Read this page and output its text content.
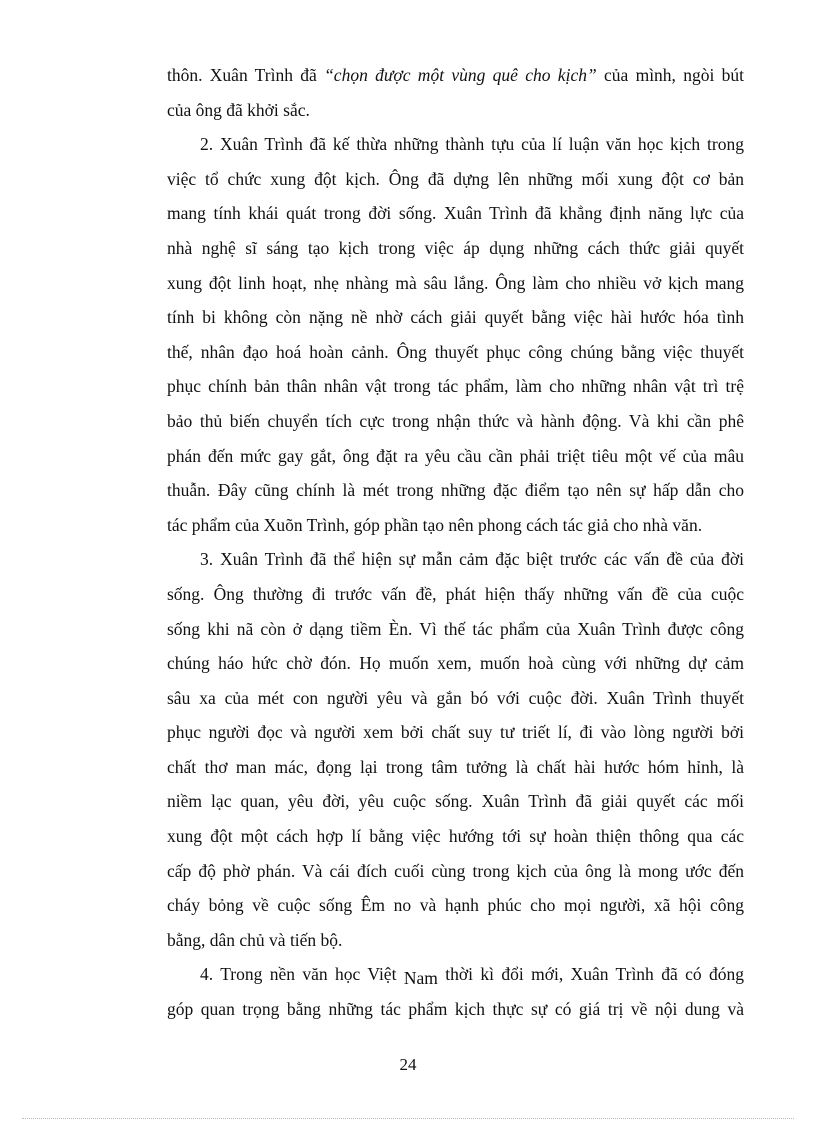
thôn. Xuân Trình đã “chọn được một vùng quê cho kịch” của mình, ngòi bút
của ông đã khởi sắc.
2. Xuân Trình đã kế thừa những thành tựu của lí luận văn học kịch trong
việc tổ chức xung đột kịch. Ông đã dựng lên những mối xung đột cơ bản
mang tính khái quát trong đời sống. Xuân Trình đã khẳng định năng lực của
nhà nghệ sĩ sáng tạo kịch trong việc áp dụng những cách thức giải quyết
xung đột linh hoạt, nhẹ nhàng mà sâu lắng. Ông làm cho nhiều vở kịch mang
tính bi không còn nặng nề nhờ cách giải quyết bằng việc hài hước hóa tình
thế, nhân đạo hoá hoàn cảnh. Ông thuyết phục công chúng bằng việc thuyết
phục chính bản thân nhân vật trong tác phẩm, làm cho những nhân vật trì trệ
bảo thủ biến chuyển tích cực trong nhận thức và hành động. Và khi cần phê
phán đến mức gay gắt, ông đặt ra yêu cầu cần phải triệt tiêu một vế của mâu
thuẫn. Đây cũng chính là mét trong những đặc điểm tạo nên sự hấp dẫn cho
tác phẩm của Xuõn Trình, góp phần tạo nên phong cách tác giả cho nhà văn.
3. Xuân Trình đã thể hiện sự mẫn cảm đặc biệt trước các vấn đề của đời
sống. Ông thường đi trước vấn đề, phát hiện thấy những vấn đề của cuộc
sống khi nã còn ở dạng tiềm Èn. Vì thế tác phẩm của Xuân Trình được công
chúng háo hức chờ đón. Họ muốn xem, muốn hoà cùng với những dự cảm
sâu xa của mét con người yêu và gắn bó với cuộc đời. Xuân Trình thuyết
phục người đọc và người xem bởi chất suy tư triết lí, đi vào lòng người bởi
chất thơ man mác, đọng lại trong tâm tưởng là chất hài hước hóm hỉnh, là
niềm lạc quan, yêu đời, yêu cuộc sống. Xuân Trình đã giải quyết các mối
xung đột một cách hợp lí bằng việc hướng tới sự hoàn thiện thông qua các
cấp độ phờ phán. Và cái đích cuối cùng trong kịch của ông là mong ước đến
cháy bỏng về cuộc sống Êm no và hạnh phúc cho mọi người, xã hội công
bằng, dân chủ và tiến bộ.
4. Trong nền văn học Việt Nam thời kì đổi mới, Xuân Trình đã có đóng
góp quan trọng bằng những tác phẩm kịch thực sự có giá trị về nội dung và
24
